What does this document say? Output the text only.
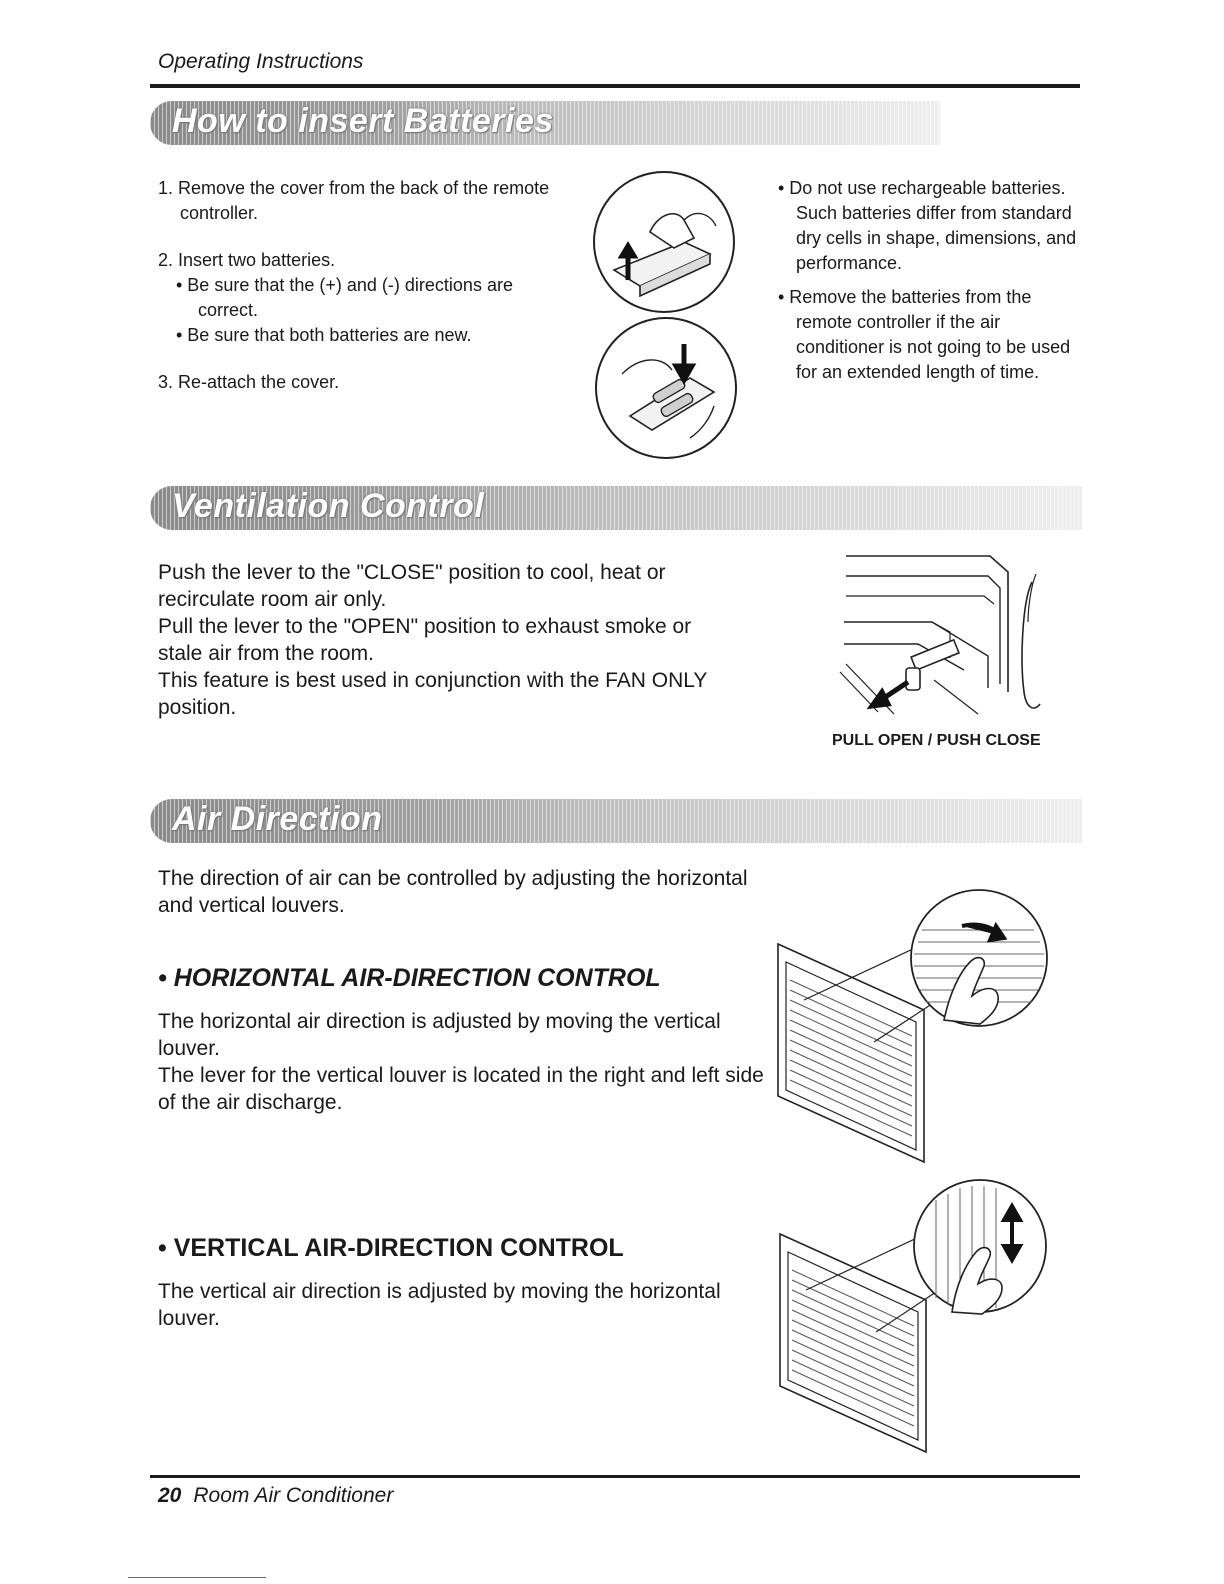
Operating Instructions
How to insert Batteries

1. Remove the cover from the back of the remote

controller.

2. Insert two batteries.

• Be sure that the (+) and (-) directions are

correct.

• Be sure that both batteries are new.

3. Re-attach the cover.

• Do not use rechargeable batteries.

Such batteries differ from standard

dry cells in shape, dimensions, and

performance.

• Remove the batteries from the

remote controller if the air

conditioner is not going to be used

for an extended length of time.

Ventilation Control

Push the lever to the "CLOSE" position to cool, heat or

recirculate room air only.

Pull the lever to the "OPEN" position to exhaust smoke or

stale air from the room.

This feature is best used in conjunction with the FAN ONLY

position.

PULL OPEN / PUSH CLOSE
Air Direction

The direction of air can be controlled by adjusting the horizontal

and vertical louvers.

• HORIZONTAL AIR-DIRECTION CONTROL

The horizontal air direction is adjusted by moving the vertical

louver.

The lever for the vertical louver is located in the right and left side

of the air discharge.

• VERTICAL AIR-DIRECTION CONTROL

The vertical air direction is adjusted by moving the horizontal

louver.

20 Room Air Conditioner
